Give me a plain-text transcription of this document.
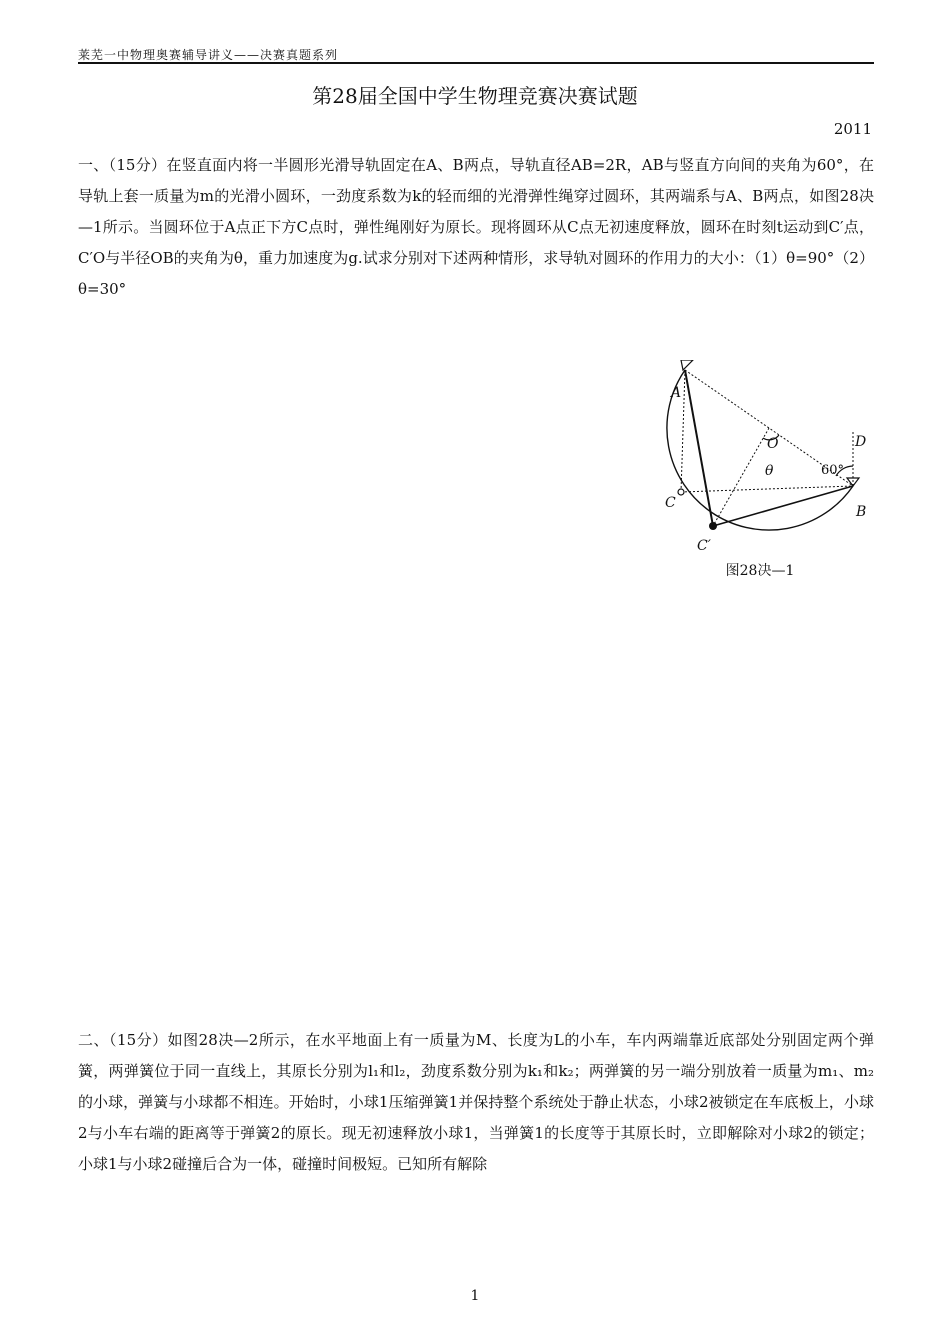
莱芜一中物理奥赛辅导讲义——决赛真题系列
第28届全国中学生物理竞赛决赛试题
2011
一、（15分）在竖直面内将一半圆形光滑导轨固定在A、B两点，导轨直径AB=2R，AB与竖直方向间的夹角为60°，在导轨上套一质量为m的光滑小圆环，一劲度系数为k的轻而细的光滑弹性绳穿过圆环，其两端系与A、B两点，如图28决—1所示。当圆环位于A点正下方C点时，弹性绳刚好为原长。现将圆环从C点无初速度释放，圆环在时刻t运动到C′点，C′O与半径OB的夹角为θ，重力加速度为g.试求分别对下述两种情形，求导轨对圆环的作用力的大小：（1）θ=90°（2）θ=30°
A
O	D
θ	60°
C
B
C′
图28决—1
二、（15分）如图28决—2所示，在水平地面上有一质量为M、长度为L的小车，车内两端靠近底部处分别固定两个弹簧，两弹簧位于同一直线上，其原长分别为l₁和l₂，劲度系数分别为k₁和k₂；两弹簧的另一端分别放着一质量为m₁、m₂的小球，弹簧与小球都不相连。开始时，小球1压缩弹簧1并保持整个系统处于静止状态，小球2被锁定在车底板上，小球2与小车右端的距离等于弹簧2的原长。现无初速释放小球1，当弹簧1的长度等于其原长时，立即解除对小球2的锁定；小球1与小球2碰撞后合为一体，碰撞时间极短。已知所有解除
1
